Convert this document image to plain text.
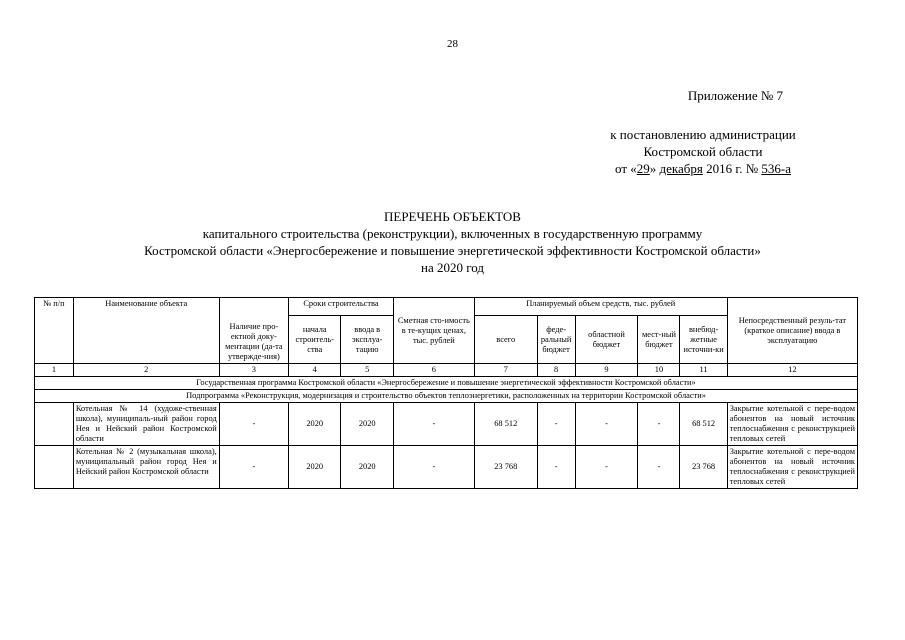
28
Приложение № 7
к постановлению администрации
Костромской области
от «29» декабря 2016 г. № 536-а
ПЕРЕЧЕНЬ ОБЪЕКТОВ
капитального строительства (реконструкции), включенных в государственную программу
Костромской области «Энергосбережение и повышение энергетической эффективности Костромской области»
на 2020 год
№ п/п	Наименование объекта	Наличие про-ектной доку-ментации (да-та утвержде-ния)	Сроки строительства		Сметная сто-имость в те-кущих ценах, тыс. рублей	Планируемый объем средств, тыс. рублей					Непосредственный резуль-тат (краткое описание) ввода в эксплуатацию
			начала строитель-ства	ввода в эксплуа-тацию		всего	феде-ральный бюджет	областной бюджет	мест-ный бюджет	внебюд-жетные источни-ки	
1	2	3	4	5	6	7	8	9	10	11	12
Государственная программа Костромской области «Энергосбережение и повышение энергетической эффективности Костромской области»											
Подпрограмма «Реконструкция, модернизация и строительство объектов теплоэнергетики, расположенных на территории Костромской области»											
	Котельная № 14 (художе-ственная школа), муниципаль-ный район город Нея и Нейский район Костромской области	-	2020	2020	-	68 512	-	-	-	68 512	Закрытие котельной с пере-водом абонентов на новый источник теплоснабжения с реконструкцией тепловых сетей
	Котельная № 2 (музыкальная школа), муниципальный район город Нея и Нейский район Костромской области	-	2020	2020	-	23 768	-	-	-	23 768	Закрытие котельной с пере-водом абонентов на новый источник теплоснабжения с реконструкцией тепловых сетей
